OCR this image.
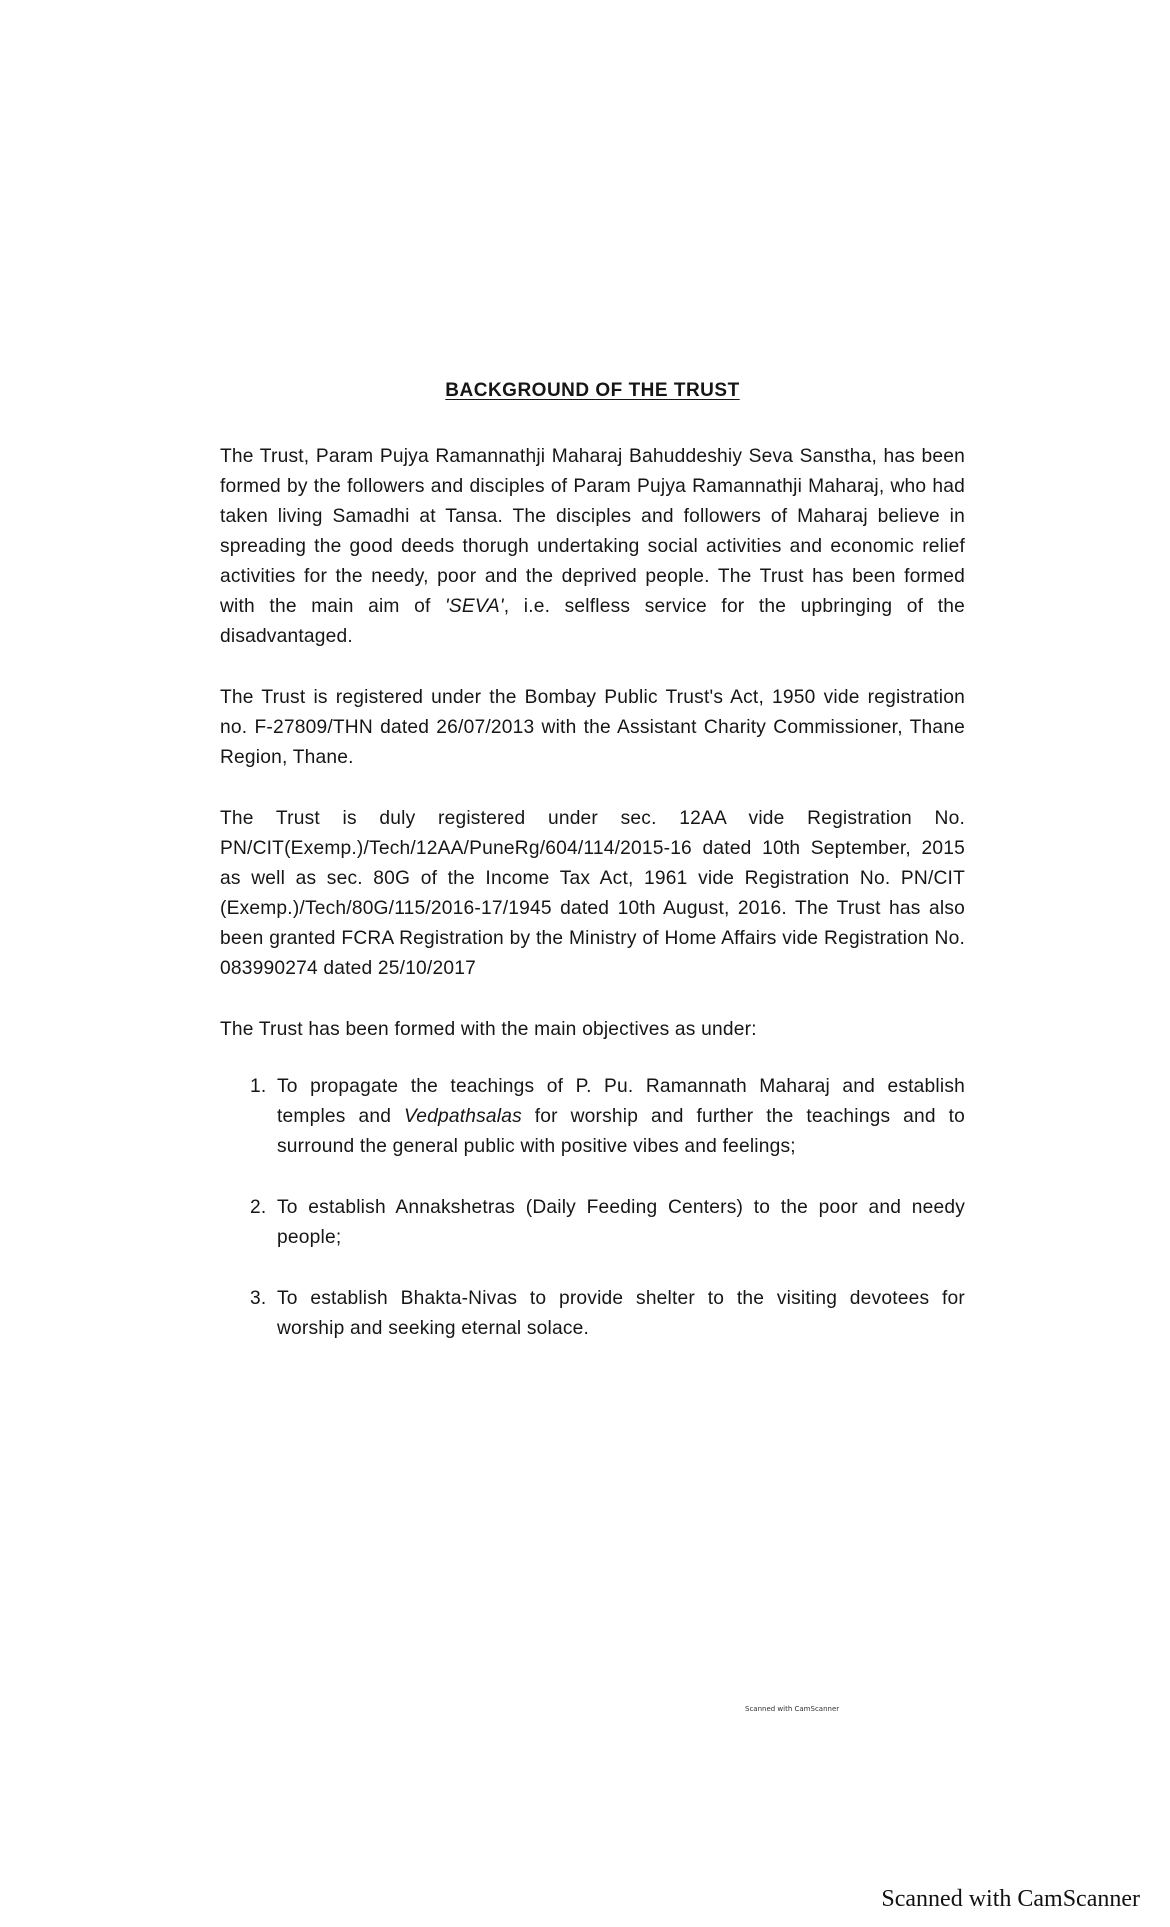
BACKGROUND OF THE TRUST

The Trust, Param Pujya Ramannathji Maharaj Bahuddeshiy Seva Sanstha, has been formed by the followers and disciples of Param Pujya Ramannathji Maharaj, who had taken living Samadhi at Tansa. The disciples and followers of Maharaj believe in spreading the good deeds thorugh undertaking social activities and economic relief activities for the needy, poor and the deprived people. The Trust has been formed with the main aim of 'SEVA', i.e. selfless service for the upbringing of the disadvantaged.

The Trust is registered under the Bombay Public Trust's Act, 1950 vide registration no. F-27809/THN dated 26/07/2013 with the Assistant Charity Commissioner, Thane Region, Thane.

The Trust is duly registered under sec. 12AA vide Registration No. PN/CIT(Exemp.)/Tech/12AA/PuneRg/604/114/2015-16 dated 10th September, 2015 as well as sec. 80G of the Income Tax Act, 1961 vide Registration No. PN/CIT (Exemp.)/Tech/80G/115/2016-17/1945 dated 10th August, 2016. The Trust has also been granted FCRA Registration by the Ministry of Home Affairs vide Registration No. 083990274 dated 25/10/2017

The Trust has been formed with the main objectives as under:

1. To propagate the teachings of P. Pu. Ramannath Maharaj and establish temples and Vedpathsalas for worship and further the teachings and to surround the general public with positive vibes and feelings;
2. To establish Annakshetras (Daily Feeding Centers) to the poor and needy people;
3. To establish Bhakta-Nivas to provide shelter to the visiting devotees for worship and seeking eternal solace.
Scanned with CamScanner
Scanned with CamScanner
